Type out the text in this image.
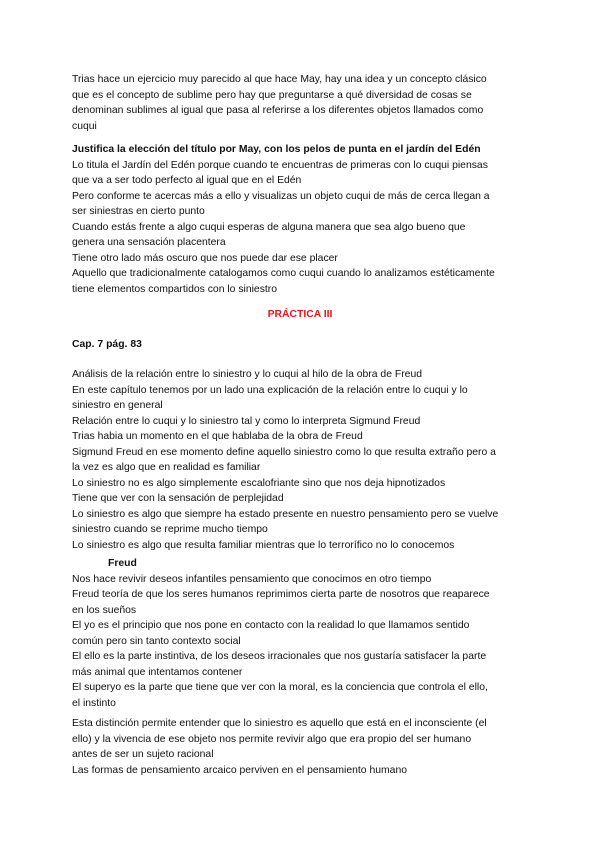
Trias hace un ejercicio muy parecido al que hace May, hay una idea y un concepto clásico

que es el concepto de sublime pero hay que preguntarse a qué diversidad de cosas se

denominan sublimes al igual que pasa al referirse a los diferentes objetos llamados como

cuqui

Justifica la elección del título por May, con los pelos de punta en el jardín del Edén

Lo titula el Jardín del Edén porque cuando te encuentras de primeras con lo cuqui piensas

que va a ser todo perfecto al igual que en el Edén

Pero conforme te acercas más a ello y visualizas un objeto cuqui de más de cerca llegan a

ser siniestras en cierto punto

Cuando estás frente a algo cuqui esperas de alguna manera que sea algo bueno que

genera una sensación placentera

Tiene otro lado más oscuro que nos puede dar ese placer

Aquello que tradicionalmente catalogamos como cuqui cuando lo analizamos estéticamente

tiene elementos compartidos con lo siniestro

PRÁCTICA III
Cap. 7 pág. 83

Análisis de la relación entre lo siniestro y lo cuqui al hilo de la obra de Freud

En este capítulo tenemos por un lado una explicación de la relación entre lo cuqui y lo

siniestro en general

Relación entre lo cuqui y lo siniestro tal y como lo interpreta Sigmund Freud

Trias habia un momento en el que hablaba de la obra de Freud

Sigmund Freud en ese momento define aquello siniestro como lo que resulta extraño pero a

la vez es algo que en realidad es familiar

Lo siniestro no es algo simplemente escalofriante sino que nos deja hipnotizados

Tiene que ver con la sensación de perplejidad

Lo siniestro es algo que siempre ha estado presente en nuestro pensamiento pero se vuelve

siniestro cuando se reprime mucho tiempo

Lo siniestro es algo que resulta familiar mientras que lo terrorífico no lo conocemos

Freud

Nos hace revivir deseos infantiles pensamiento que conocimos en otro tiempo

Freud teoría de que los seres humanos reprimimos cierta parte de nosotros que reaparece

en los sueños

El yo es el principio que nos pone en contacto con la realidad lo que llamamos sentido

común pero sin tanto contexto social

El ello es la parte instintiva, de los deseos irracionales que nos gustaría satisfacer la parte

más animal que intentamos contener

El superyo es la parte que tiene que ver con la moral, es la conciencia que controla el ello,

el instinto

Esta distinción permite entender que lo siniestro es aquello que está en el inconsciente (el

ello) y la vivencia de ese objeto nos permite revivir algo que era propio del ser humano

antes de ser un sujeto racional

Las formas de pensamiento arcaico perviven en el pensamiento humano
